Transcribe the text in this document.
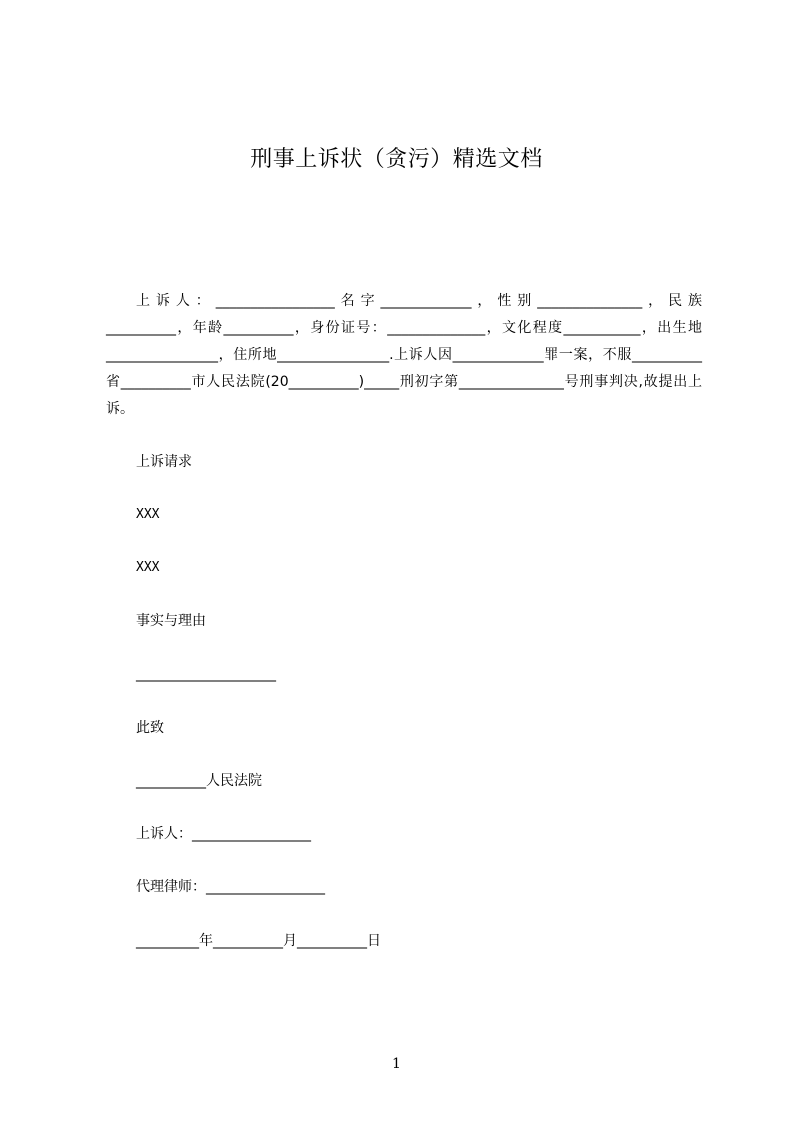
刑事上诉状（贪污）精选文档

上诉人：_________________名字_____________，性别_______________，民族__________，年龄__________，身份证号：______________，文化程度___________，出生地________________，住所地________________.上诉人因_____________罪一案，不服__________省__________市人民法院(20__________)_____刑初字第_______________号刑事判决,故提出上诉。

上诉请求
XXX
XXX
事实与理由
____________________
此致
__________人民法院
上诉人：_________________
代理律师：_________________
_________年__________月__________日
1
